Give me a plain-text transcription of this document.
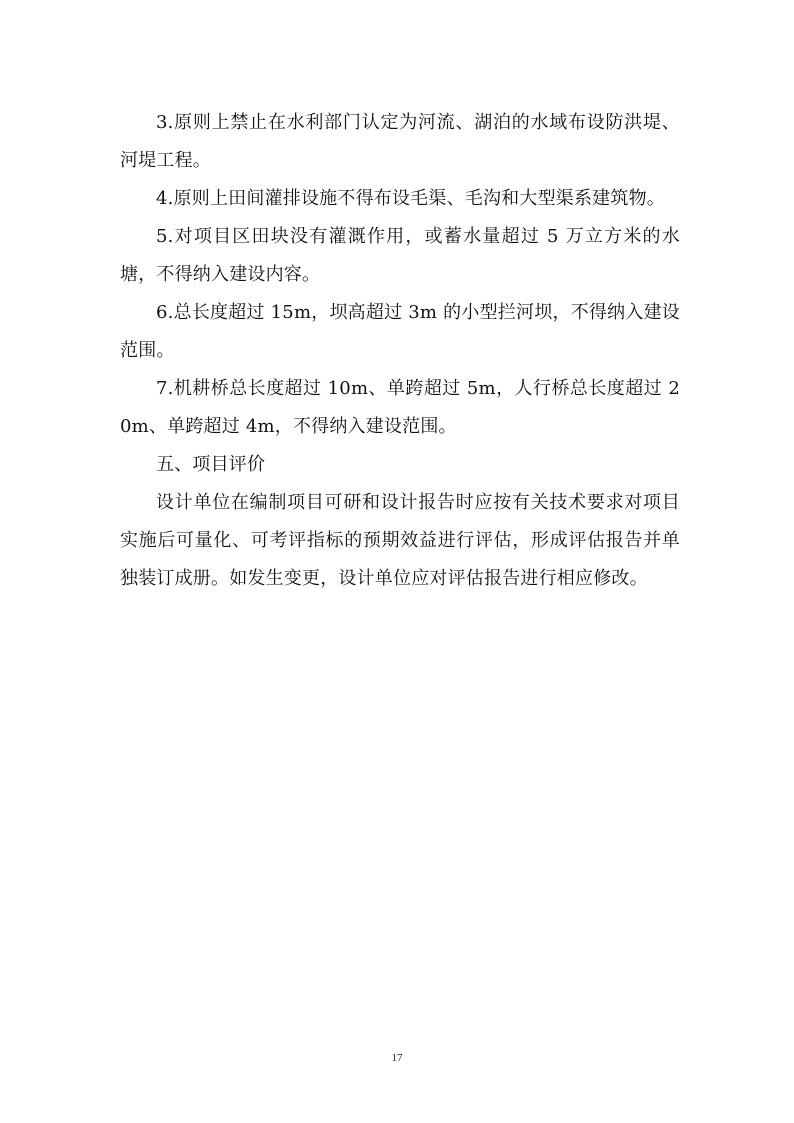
3.原则上禁止在水利部门认定为河流、湖泊的水域布设防洪堤、河堤工程。

4.原则上田间灌排设施不得布设毛渠、毛沟和大型渠系建筑物。

5.对项目区田块没有灌溉作用，或蓄水量超过 5 万立方米的水塘，不得纳入建设内容。

6.总长度超过 15m，坝高超过 3m 的小型拦河坝，不得纳入建设范围。

7.机耕桥总长度超过 10m、单跨超过 5m，人行桥总长度超过 20m、单跨超过 4m，不得纳入建设范围。

五、项目评价

设计单位在编制项目可研和设计报告时应按有关技术要求对项目实施后可量化、可考评指标的预期效益进行评估，形成评估报告并单独装订成册。如发生变更，设计单位应对评估报告进行相应修改。

17
